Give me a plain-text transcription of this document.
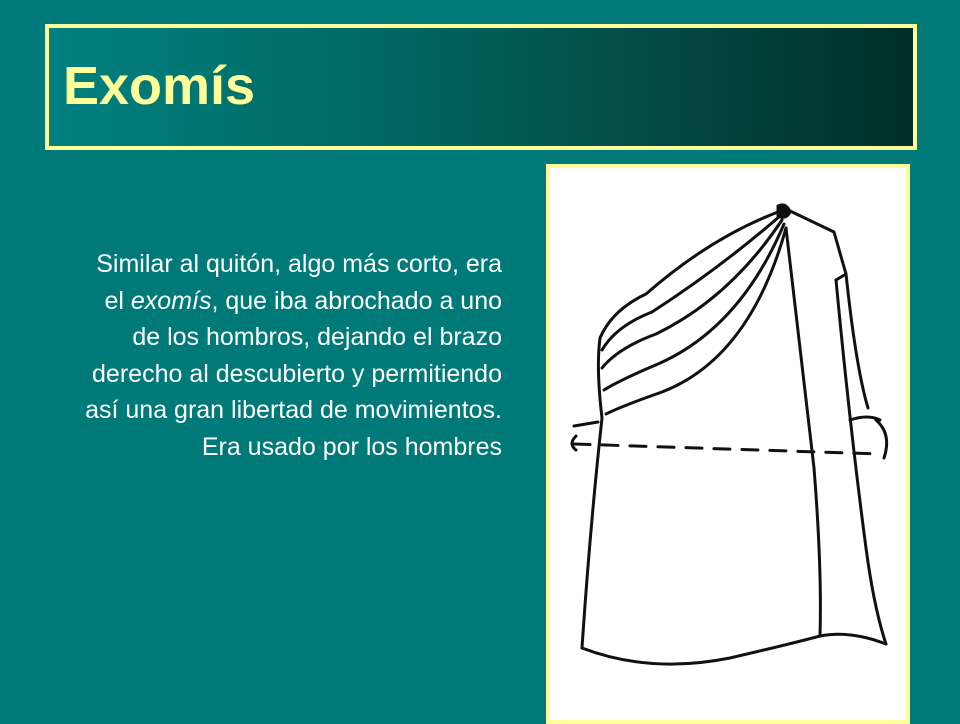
Exomís
Similar al quitón, algo más corto, era el exomís, que iba abrochado a uno de los hombros, dejando el brazo derecho al descubierto y permitiendo así una gran libertad de movimientos. Era usado por los hombres
